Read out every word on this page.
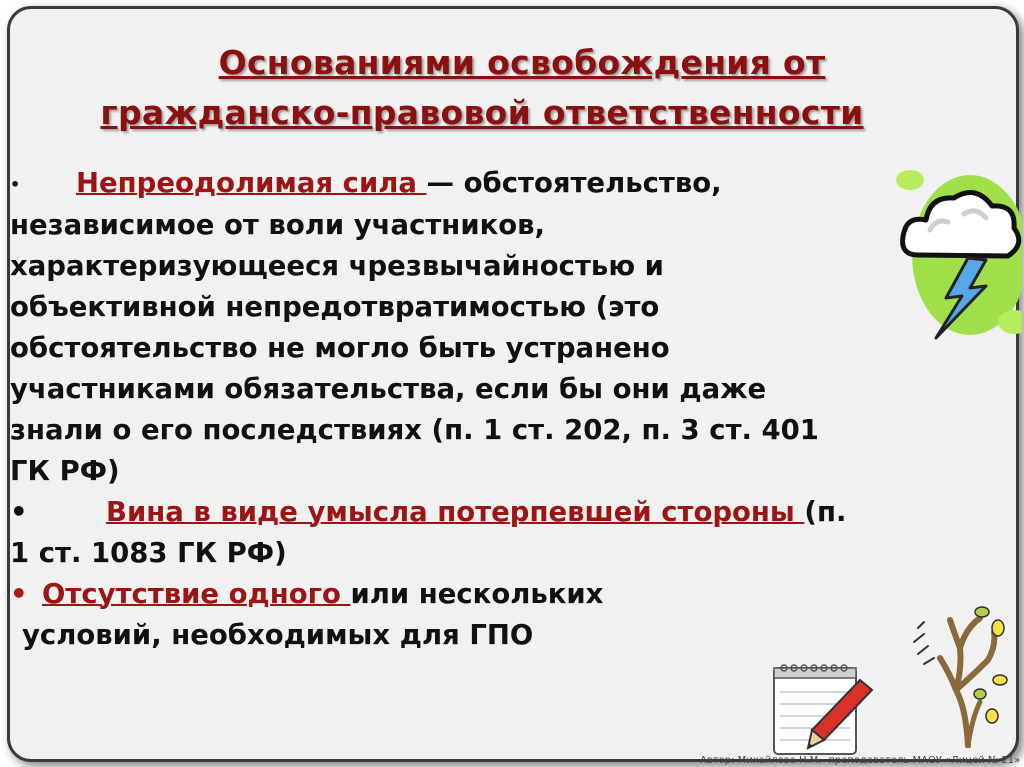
Основаниями освобождения от
гражданско-правовой ответственности

• Непреодолимая сила — обстоятельство,
независимое от воли участников,
характеризующееся чрезвычайностью и
объективной непредотвратимостью (это
обстоятельство не могло быть устранено
участниками обязательства, если бы они даже
знали о его последствиях (п. 1 ст. 202, п. 3 ст. 401
ГК РФ)

•	Вина в виде умысла потерпевшей стороны (п.
1 ст. 1083 ГК РФ)

• Отсутствие одного или нескольких
условий, необходимых для ГПО

Автор: Михайлова Н.М.- преподаватель МАОУ «Лицей № 21»
